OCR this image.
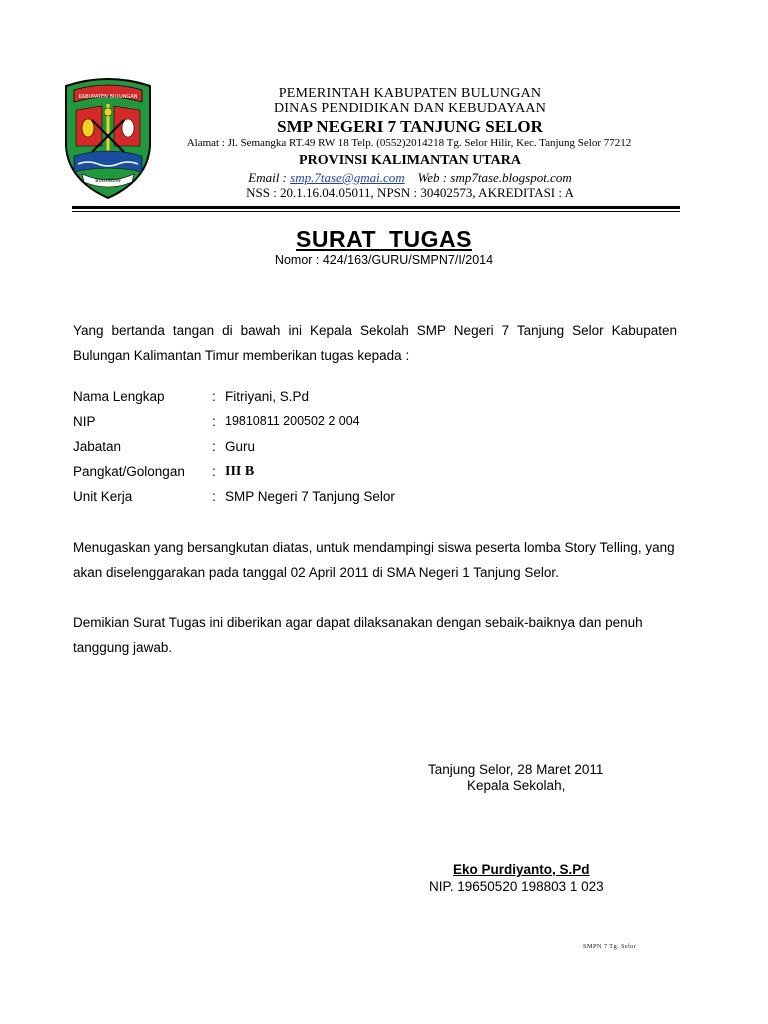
KABUPATEN BULUNGAN
BULUNGAN
PEMERINTAH KABUPATEN BULUNGAN
DINAS PENDIDIKAN DAN KEBUDAYAAN
SMP NEGERI 7 TANJUNG SELOR
Alamat : Jl. Semangka RT.49 RW 18 Telp. (0552)2014218 Tg. Selor Hilir, Kec. Tanjung Selor 77212
PROVINSI KALIMANTAN UTARA
Email : smp.7tase@gmai.com Web : smp7tase.blogspot.com
NSS : 20.1.16.04.05011, NPSN : 30402573, AKREDITASI : A
SURAT TUGAS
Nomor : 424/163/GURU/SMPN7/I/2014
Yang bertanda tangan di bawah ini Kepala Sekolah SMP Negeri 7 Tanjung Selor Kabupaten Bulungan Kalimantan Timur memberikan tugas kepada :
Nama Lengkap	: Fitriyani, S.Pd
NIP	: 19810811 200502 2 004
Jabatan	: Guru
Pangkat/Golongan : III B
Unit Kerja	: SMP Negeri 7 Tanjung Selor
Menugaskan yang bersangkutan diatas, untuk mendampingi siswa peserta lomba Story Telling, yang akan diselenggarakan pada tanggal 02 April 2011 di SMA Negeri 1 Tanjung Selor.
Demikian Surat Tugas ini diberikan agar dapat dilaksanakan dengan sebaik-baiknya dan penuh tanggung jawab.
Tanjung Selor, 28 Maret 2011
Kepala Sekolah,
Eko Purdiyanto, S.Pd
NIP. 19650520 198803 1 023
SMPN 7 Tg. Selor
